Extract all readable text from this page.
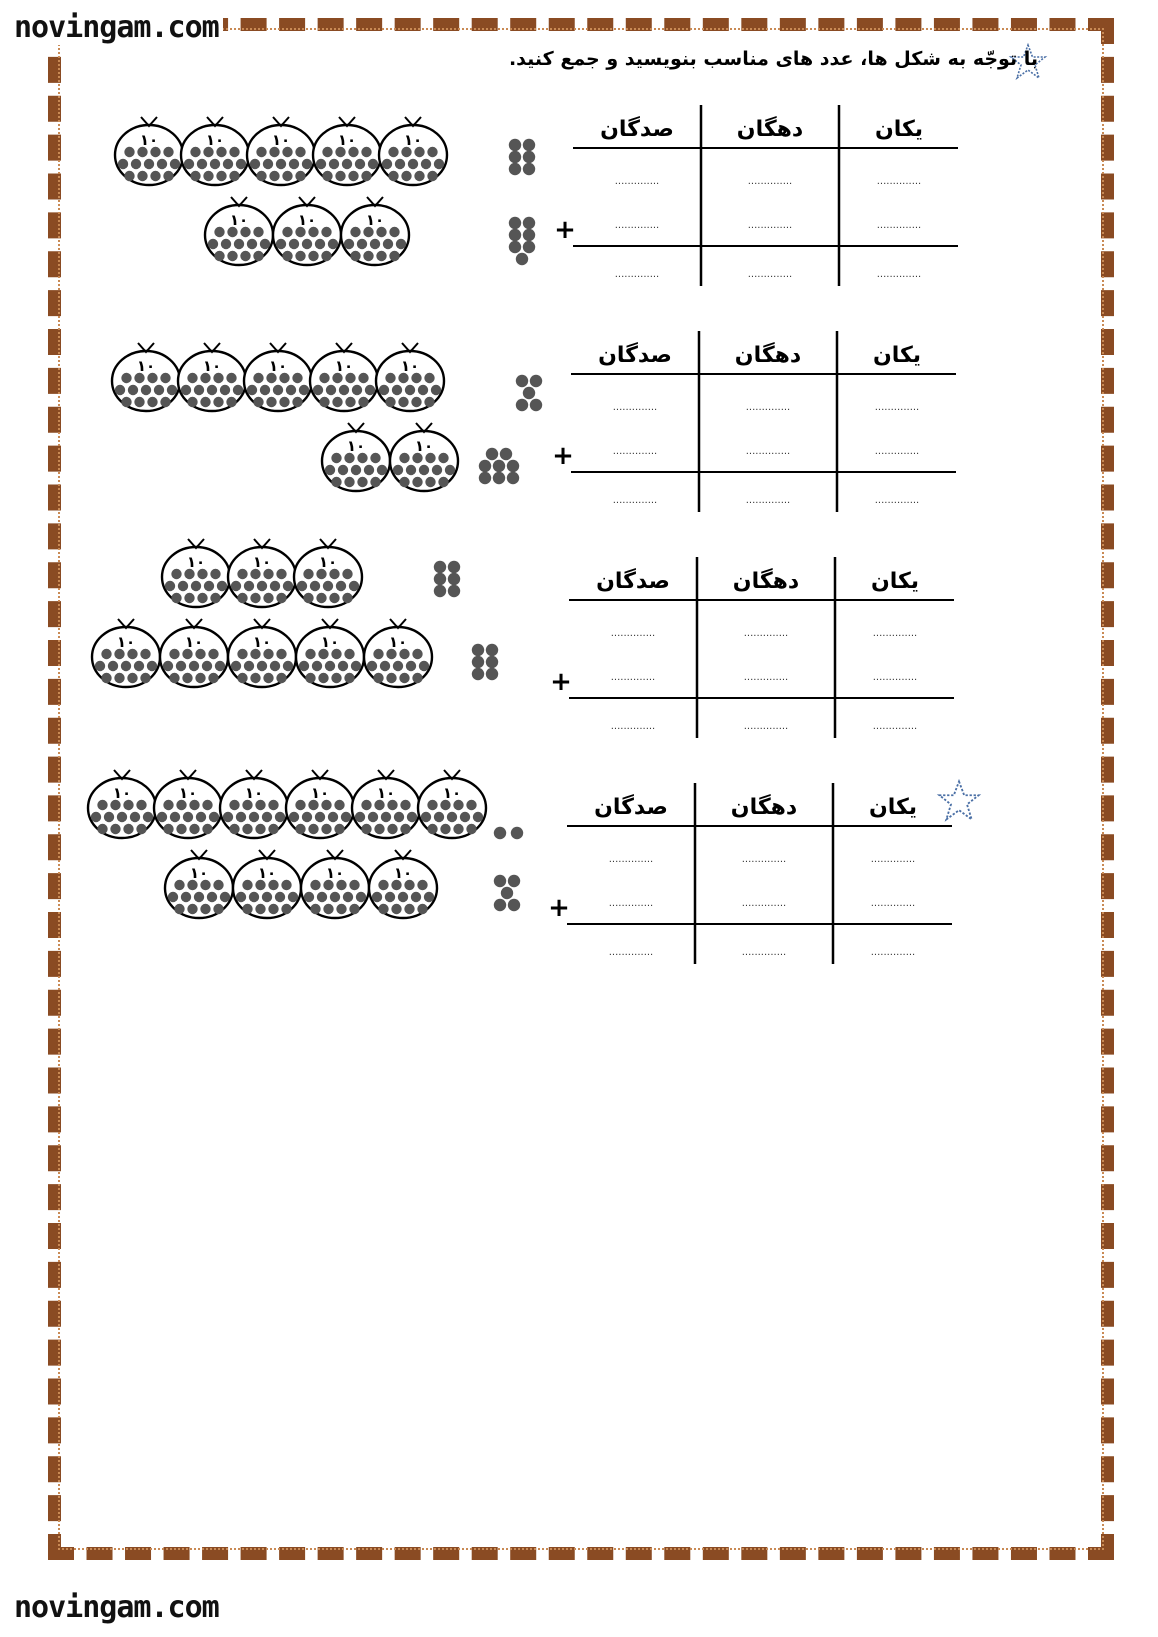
novingam.com
novingam.com
با توجّه به شکل ها، عدد های مناسب بنویسید و جمع کنید.
۱۰	۱۰	۱۰	۱۰	۱۰
۱۰	۱۰	۱۰
صدگان	دهگان	یکان
..............	..............	..............
..............	..............	..............
..............	..............	..............
+
۱۰	۱۰	۱۰	۱۰	۱۰
۱۰	۱۰
صدگان	دهگان	یکان
..............	..............	..............
..............	..............	..............
..............	..............	..............
+
۱۰	۱۰	۱۰
۱۰	۱۰	۱۰	۱۰	۱۰
صدگان	دهگان	یکان
..............	..............	..............
..............	..............	..............
..............	..............	..............
+
۱۰	۱۰	۱۰	۱۰	۱۰	۱۰
۱۰	۱۰	۱۰	۱۰
صدگان	دهگان	یکان
..............	..............	..............
..............	..............	..............
..............	..............	..............
+
